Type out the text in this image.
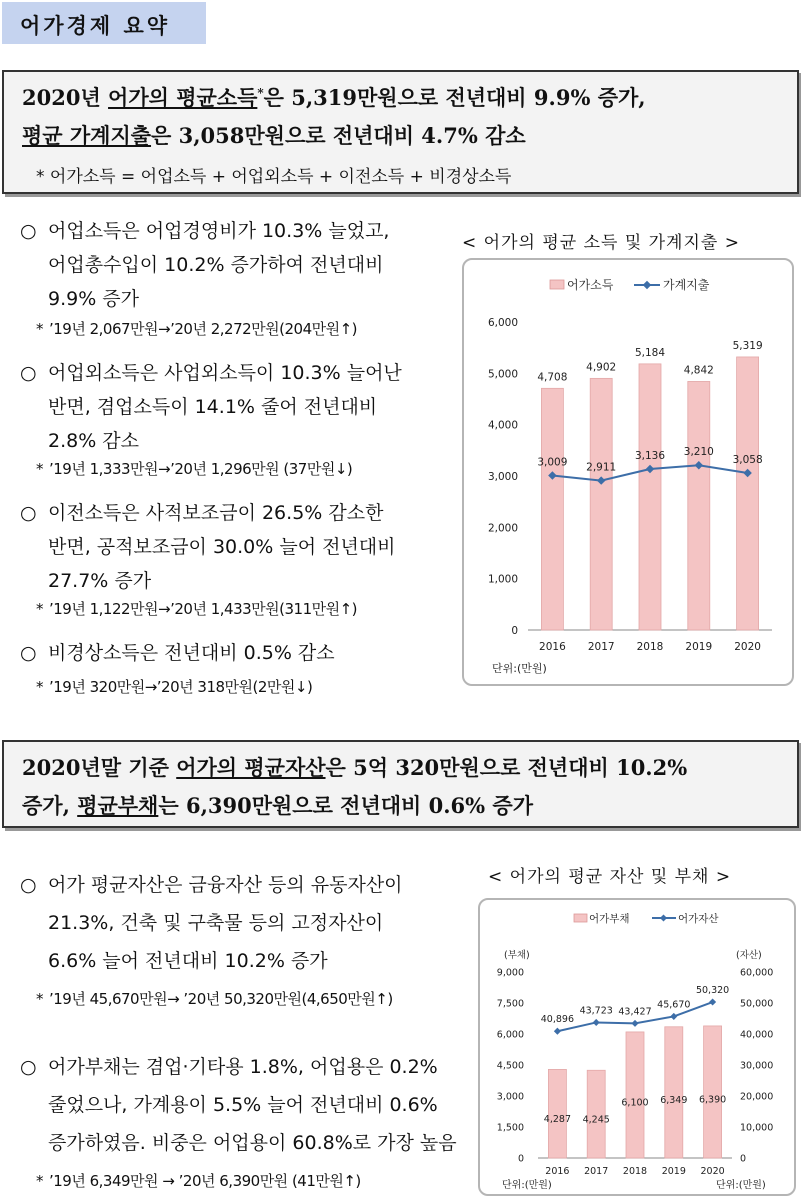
어가경제 요약
2020년 어가의 평균소득*은 5,319만원으로 전년대비 9.9% 증가,
평균 가계지출은 3,058만원으로 전년대비 4.7% 감소
* 어가소득 = 어업소득 + 어업외소득 + 이전소득 + 비경상소득
○ 어업소득은 어업경영비가 10.3% 늘었고,
어업총수입이 10.2% 증가하여 전년대비
9.9% 증가
* ’19년 2,067만원→’20년 2,272만원(204만원↑)
○ 어업외소득은 사업외소득이 10.3% 늘어난
반면, 겸업소득이 14.1% 줄어 전년대비
2.8% 감소
* ’19년 1,333만원→’20년 1,296만원 (37만원↓)
○ 이전소득은 사적보조금이 26.5% 감소한
반면, 공적보조금이 30.0% 늘어 전년대비
27.7% 증가
* ’19년 1,122만원→’20년 1,433만원(311만원↑)
○ 비경상소득은 전년대비 0.5% 감소
* ’19년 320만원→’20년 318만원(2만원↓)
< 어가의 평균 소득 및 가계지출 >
어가소득	가계지출
0
1,000
2,000
3,000
4,000
5,000
6,000
4,708
4,902
5,184
4,842
5,319
3,009 2,911
3,136 3,210
3,058
2016 2017 2018 2019 2020
단위:(만원)
2020년말 기준 어가의 평균자산은 5억 320만원으로 전년대비 10.2%
증가, 평균부채는 6,390만원으로 전년대비 0.6% 증가
○ 어가 평균자산은 금융자산 등의 유동자산이
21.3%, 건축 및 구축물 등의 고정자산이
6.6% 늘어 전년대비 10.2% 증가
* ’19년 45,670만원→ ’20년 50,320만원(4,650만원↑)
○ 어가부채는 겸업·기타용 1.8%, 어업용은 0.2%
줄었으나, 가계용이 5.5% 늘어 전년대비 0.6%
증가하였음. 비중은 어업용이 60.8%로 가장 높음
* ’19년 6,349만원 → ’20년 6,390만원 (41만원↑)
< 어가의 평균 자산 및 부채 >
어가부채	어가자산
(부채)	(자산)
0
1,500
3,000
4,500
6,000
7,500
9,000
0
10,000
20,000
30,000
40,000
50,000
60,000
4,287 4,245
6,100 6,349 6,390
40,896
43,723 43,427
45,670
50,320
2016 2017 2018 2019 2020
단위:(만원)	단위:(만원)
